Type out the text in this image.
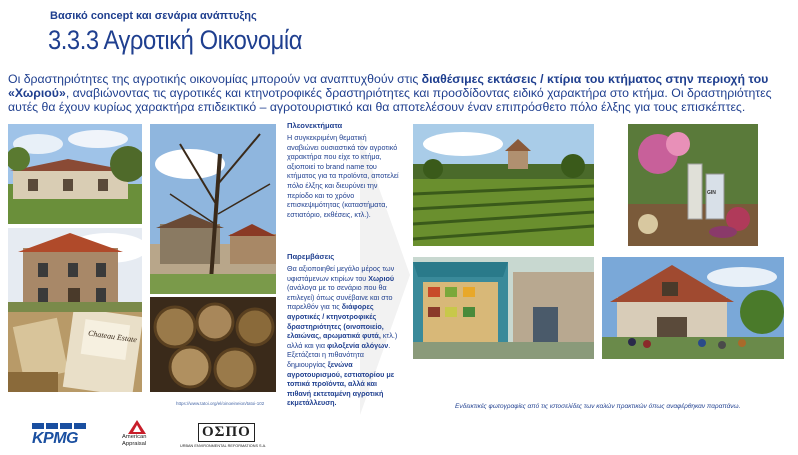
Βασικό concept και σενάρια ανάπτυξης
3.3.3 Αγροτική Οικονομία
Οι δραστηριότητες της αγροτικής οικονομίας μπορούν να αναπτυχθούν στις διαθέσιμες εκτάσεις / κτίρια του κτήματος στην περιοχή του «Χωριού», αναβιώνοντας τις αγροτικές και κτηνοτροφικές δραστηριότητες και προσδίδοντας ειδικό χαρακτήρα στο κτήμα. Οι δραστηριότητες αυτές θα έχουν κυρίως χαρακτήρα επιδεικτικό – αγροτουριστικό και θα αποτελέσουν έναν επιπρόσθετο πόλο έλξης για τους επισκέπτες.
Chateau Estate
https://www.tatoi.org/el/oinoeineion/tatoi-102
Πλεονεκτήματα
Η συγκεκριμένη θεματική αναβιώνει ουσιαστικά τον αγροτικό χαρακτήρα που είχε το κτήμα, αξιοποιεί το brand name του κτήματος για τα προϊόντα, αποτελεί πόλο έλξης και διευρύνει την περίοδο και το χρόνο επισκεψιμότητας (καταστήματα, εστιατόριο, εκθέσεις, κτλ.).
Παρεμβάσεις
Θα αξιοποιηθεί μεγάλο μέρος των υφιστάμενων κτιρίων του Χωριού (ανάλογα με το σενάριο που θα επιλεγεί) όπως συνέβαινε και στο παρελθόν για τις διάφορες αγροτικές / κτηνοτροφικές δραστηριότητες (οινοποιείο, ελαιώνας, αρωματικά φυτά, κτλ.) αλλά και για φιλοξενία αλόγων. Εξετάζεται η πιθανότητα δημιουργίας ξενώνα αγροτουρισμού, εστιατορίου με τοπικά προϊόντα, αλλά και πιθανή εκτεταμένη αγροτική εκμετάλλευση.
GIN
Ενδεικτικές φωτογραφίες από τις ιστοσελίδες των καλών πρακτικών όπως αναφέρθηκαν παραπάνω.
KPMG	American
Appraisal
ΟΣΠΟ
URBAN ENVIRONMENTAL REFORMATIONS S.A.
